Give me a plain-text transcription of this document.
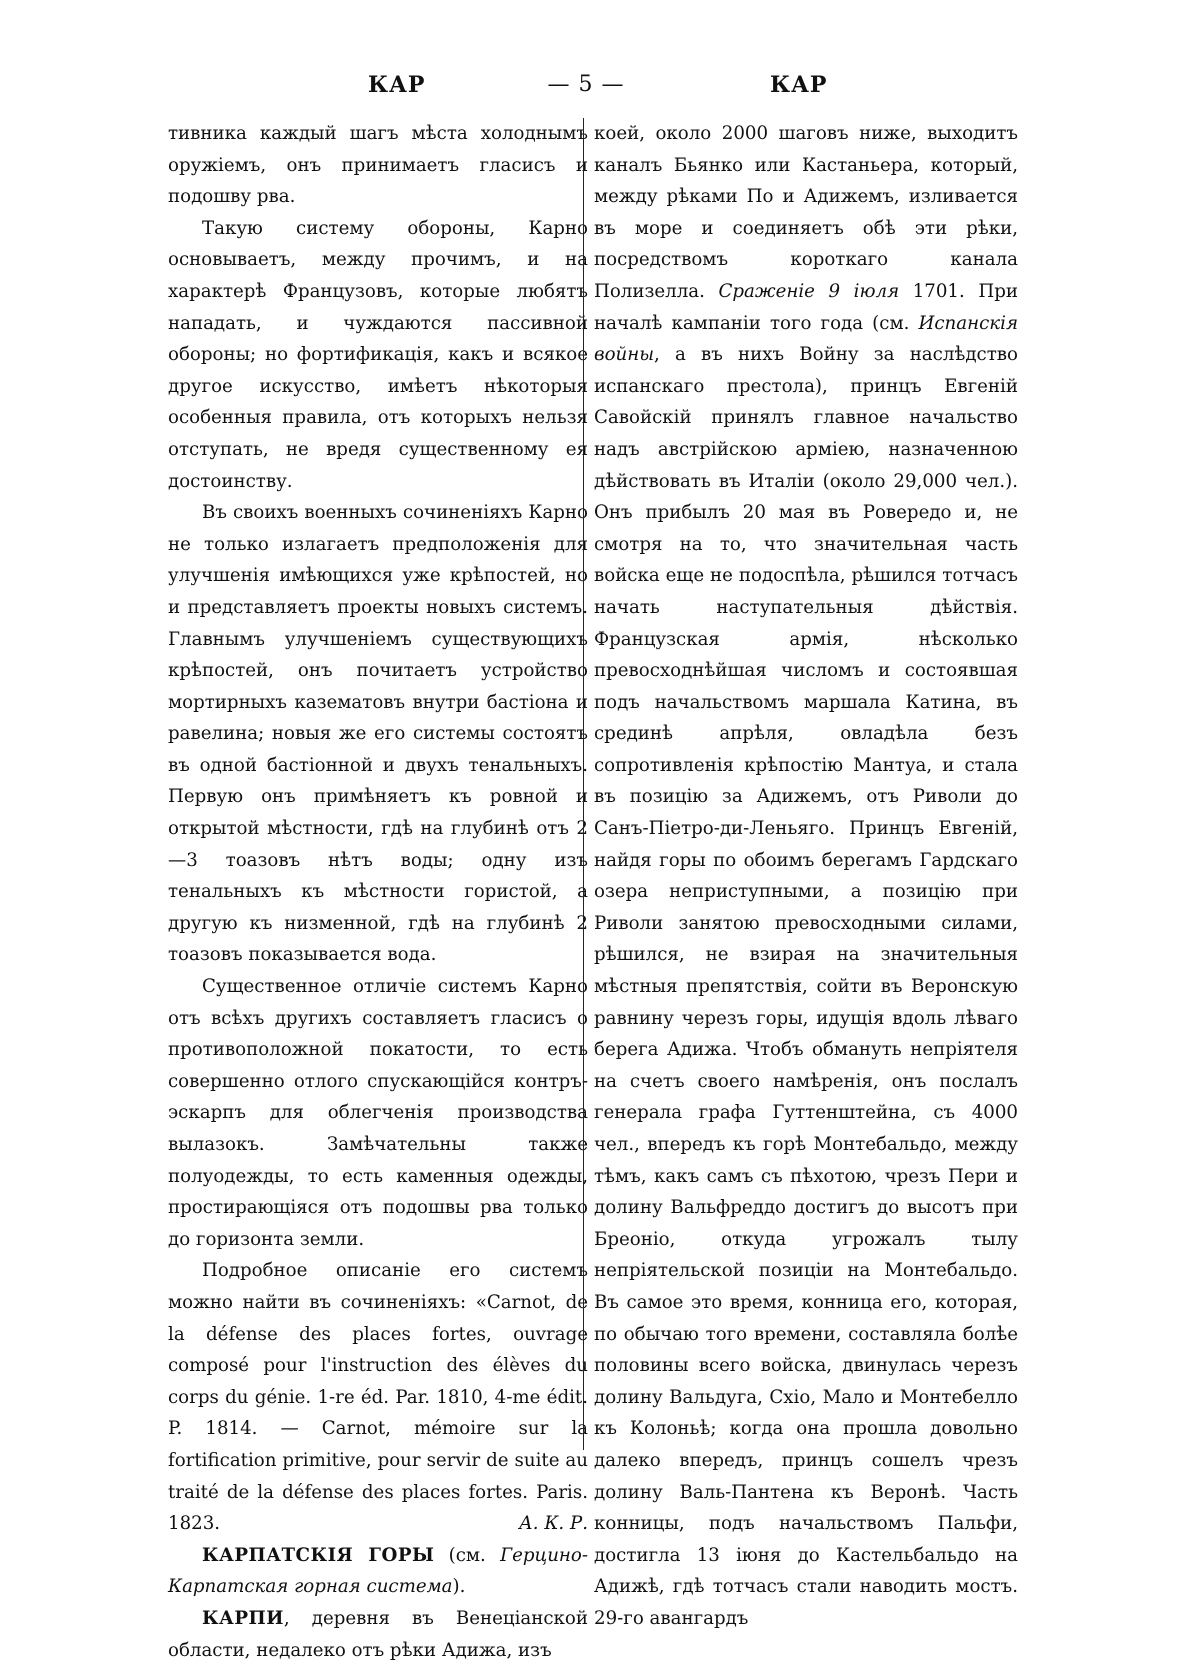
КАР	— 5 —	КАР

тивника каждый шагъ мѣста холоднымъ оружіемъ, онъ принимаетъ гласисъ и подошву рва.

Такую систему обороны, Карно основываетъ, между прочимъ, и на характерѣ Французовъ, которые любятъ нападать, и чуждаются пассивной обороны; но фортификація, какъ и всякое другое искусство, имѣетъ нѣкоторыя особенныя правила, отъ которыхъ нельзя отступать, не вредя существенному ея достоинству.

Въ своихъ военныхъ сочиненіяхъ Карно не только излагаетъ предположенія для улучшенія имѣющихся уже крѣпостей, но и представляетъ проекты новыхъ системъ. Главнымъ улучшеніемъ существующихъ крѣпостей, онъ почитаетъ устройство мортирныхъ казематовъ внутри бастіона и равелина; новыя же его системы состоятъ въ одной бастіонной и двухъ тенальныхъ. Первую онъ примѣняетъ къ ровной и открытой мѣстности, гдѣ на глубинѣ отъ 2—3 тоазовъ нѣтъ воды; одну изъ тенальныхъ къ мѣстности гористой, а другую къ низменной, гдѣ на глубинѣ 2 тоазовъ показывается вода.

Существенное отличіе системъ Карно отъ всѣхъ другихъ составляетъ гласисъ о противоположной покатости, то есть совершенно отлого спускающійся контръ-эскарпъ для облегченія производства вылазокъ. Замѣчательны также полуодежды, то есть каменныя одежды, простирающіяся отъ подошвы рва только до горизонта земли.

Подробное описаніе его системъ можно найти въ сочиненіяхъ: «Carnot, de la défense des places fortes, ouvrage composé pour l'instruction des élèves du corps du génie. 1-re éd. Par. 1810, 4-me édit. P. 1814. — Carnot, mémoire sur la fortification primitive, pour servir de suite au traité de la défense des places fortes. Paris. 1823.	А. К. Р.

КАРПАТСКІЯ ГОРЫ (см. Герцино-Карпатская горная система).

КАРПИ, деревня въ Венеціанской области, недалеко отъ рѣки Адижа, изъ

коей, около 2000 шаговъ ниже, выходитъ каналъ Бьянко или Кастаньера, который, между рѣками По и Адижемъ, изливается въ море и соединяетъ обѣ эти рѣки, посредствомъ короткаго канала Полизелла. Сраженіе 9 іюля 1701. При началѣ кампаніи того года (см. Испанскія войны, а въ нихъ Войну за наслѣдство испанскаго престола), принцъ Евгеній Савойскій принялъ главное начальство надъ австрійскою арміею, назначенною дѣйствовать въ Италіи (около 29,000 чел.). Онъ прибылъ 20 мая въ Ровередо и, не смотря на то, что значительная часть войска еще не подоспѣла, рѣшился тотчасъ начать наступательныя дѣйствія. Французская армія, нѣсколько превосходнѣйшая числомъ и состоявшая подъ начальствомъ маршала Катина, въ срединѣ апрѣля, овладѣла безъ сопротивленія крѣпостію Мантуа, и стала въ позицію за Адижемъ, отъ Риволи до Санъ-Піетро-ди-Леньяго. Принцъ Евгеній, найдя горы по обоимъ берегамъ Гардскаго озера неприступными, а позицію при Риволи занятою превосходными силами, рѣшился, не взирая на значительныя мѣстныя препятствія, сойти въ Веронскую равнину черезъ горы, идущія вдоль лѣваго берега Адижа. Чтобъ обмануть непріятеля на счетъ своего намѣренія, онъ послалъ генерала графа Гуттенштейна, съ 4000 чел., впередъ къ горѣ Монтебальдо, между тѣмъ, какъ самъ съ пѣхотою, чрезъ Пери и долину Вальфреддо достигъ до высотъ при Бреоніо, откуда угрожалъ тылу непріятельской позиціи на Монтебальдо. Въ самое это время, конница его, которая, по обычаю того времени, составляла болѣе половины всего войска, двинулась черезъ долину Вальдуга, Схіо, Мало и Монтебелло къ Колоньѣ; когда она прошла довольно далеко впередъ, принцъ сошелъ чрезъ долину Валь-Пантена къ Веронѣ. Часть конницы, подъ начальствомъ Пальфи, достигла 13 іюня до Кастельбальдо на Адижѣ, гдѣ тотчасъ стали наводить мостъ. 29-го авангардъ
